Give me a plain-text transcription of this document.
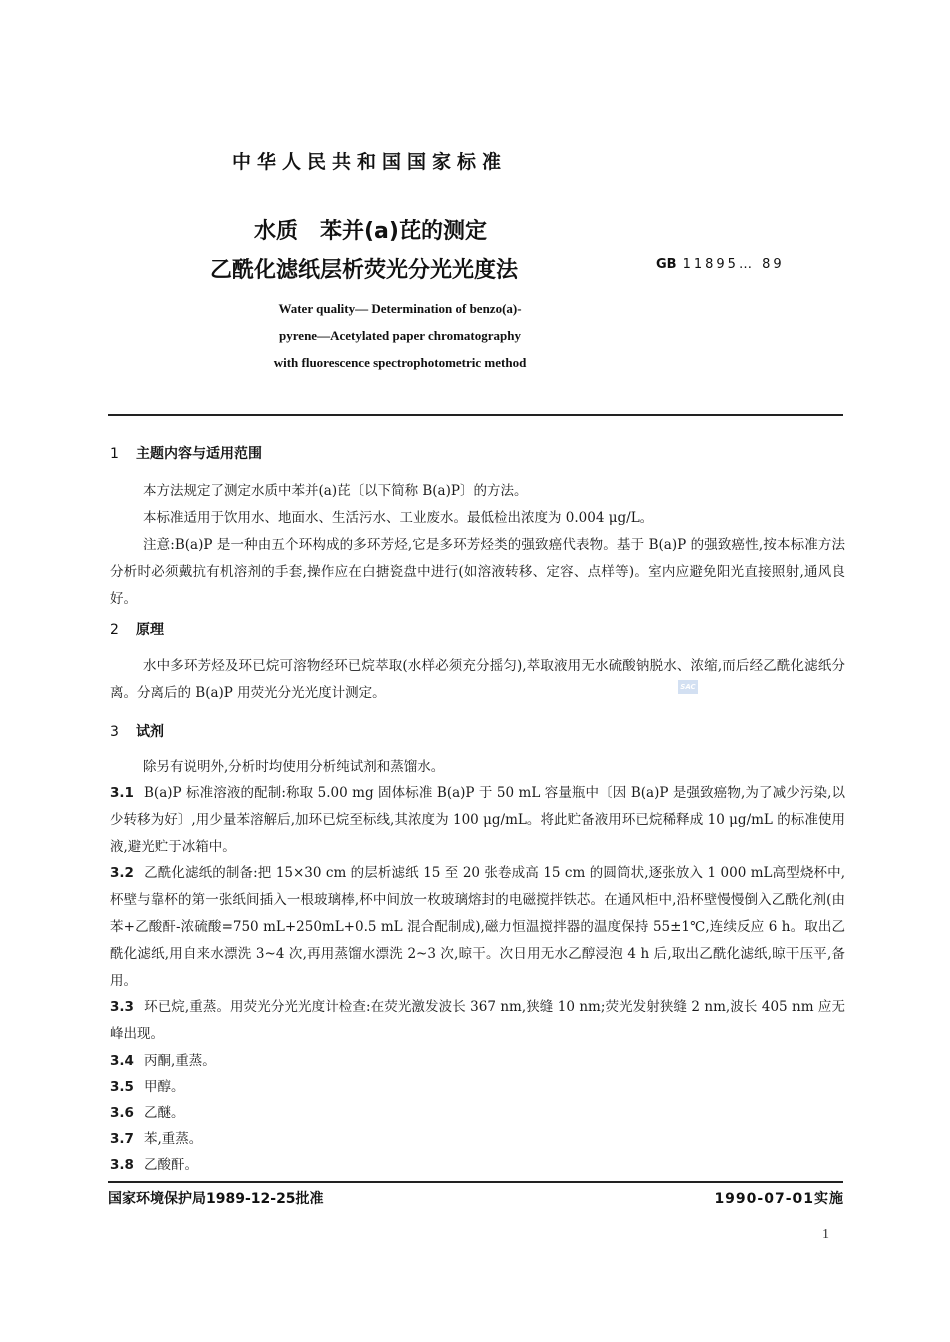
中华人民共和国国家标准
水质　苯并(a)芘的测定
乙酰化滤纸层析荧光分光光度法	GB 11895… 89
Water quality— Determination of benzo(a)-
pyrene—Acetylated paper chromatography
with fluorescence spectrophotometric method
1 主题内容与适用范围
本方法规定了测定水质中苯并(a)芘〔以下简称 B(a)P〕的方法。
本标准适用于饮用水、地面水、生活污水、工业废水。最低检出浓度为 0.004 μg/L。
注意:B(a)P 是一种由五个环构成的多环芳烃,它是多环芳烃类的强致癌代表物。基于 B(a)P 的强致癌性,按本标准方法分析时必须戴抗有机溶剂的手套,操作应在白搪瓷盘中进行(如溶液转移、定容、点样等)。室内应避免阳光直接照射,通风良好。
2 原理
水中多环芳烃及环已烷可溶物经环已烷萃取(水样必须充分摇匀),萃取液用无水硫酸钠脱水、浓缩,而后经乙酰化滤纸分离。分离后的 B(a)P 用荧光分光光度计测定。	SAC
3 试剂
除另有说明外,分析时均使用分析纯试剂和蒸馏水。
3.1 B(a)P 标准溶液的配制:称取 5.00 mg 固体标准 B(a)P 于 50 mL 容量瓶中〔因 B(a)P 是强致癌物,为了减少污染,以少转移为好〕,用少量苯溶解后,加环已烷至标线,其浓度为 100 μg/mL。将此贮备液用环已烷稀释成 10 μg/mL 的标准使用液,避光贮于冰箱中。
3.2 乙酰化滤纸的制备:把 15×30 cm 的层析滤纸 15 至 20 张卷成高 15 cm 的圆筒状,逐张放入 1 000 mL高型烧杯中,杯壁与靠杯的第一张纸间插入一根玻璃棒,杯中间放一枚玻璃熔封的电磁搅拌铁芯。在通风柜中,沿杯壁慢慢倒入乙酰化剂(由苯+乙酸酐-浓硫酸=750 mL+250mL+0.5 mL 混合配制成),磁力恒温搅拌器的温度保持 55±1℃,连续反应 6 h。取出乙酰化滤纸,用自来水漂洗 3~4 次,再用蒸馏水漂洗 2~3 次,晾干。次日用无水乙醇浸泡 4 h 后,取出乙酰化滤纸,晾干压平,备用。
3.3 环已烷,重蒸。用荧光分光光度计检查:在荧光激发波长 367 nm,狭缝 10 nm;荧光发射狭缝 2 nm,波长 405 nm 应无峰出现。
3.4 丙酮,重蒸。
3.5 甲醇。
3.6 乙醚。
3.7 苯,重蒸。
3.8 乙酸酐。
国家环境保护局1989-12-25批准	1990-07-01实施
1
